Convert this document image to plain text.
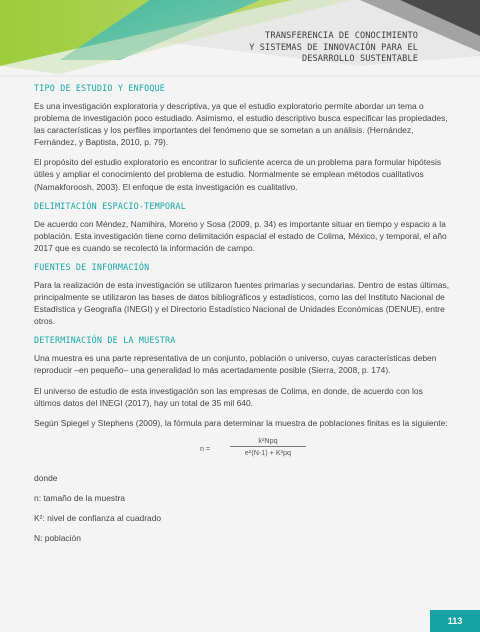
TRANSFERENCIA DE CONOCIMIENTO
Y SISTEMAS DE INNOVACIÓN PARA EL
DESARROLLO SUSTENTABLE
TIPO DE ESTUDIO Y ENFOQUE

Es una investigación exploratoria y descriptiva, ya que el estudio exploratorio permite abordar un tema o problema de investigación poco estudiado. Asimismo, el estudio descriptivo busca especificar las propiedades, las características y los perfiles importantes del fenómeno que se sometan a un análisis. (Hernández, Fernández, y Baptista, 2010, p. 79).

El propósito del estudio exploratorio es encontrar lo suficiente acerca de un problema para formular hipótesis útiles y ampliar el conocimiento del problema de estudio. Normalmente se emplean métodos cualitativos (Namakforoosh, 2003). El enfoque de esta investigación es cualitativo.

DELIMITACIÓN ESPACIO-TEMPORAL

De acuerdo con Méndez, Namihira, Moreno y Sosa (2009, p. 34) es importante situar en tiempo y espacio a la población. Esta investigación tiene como delimitación espacial el estado de Colima, México, y temporal, el año 2017 que es cuando se recolectó la información de campo.

FUENTES DE INFORMACIÓN

Para la realización de esta investigación se utilizaron fuentes primarias y secundarias. Dentro de estas últimas, principalmente se utilizaron las bases de datos bibliográficos y estadísticos, como las del Instituto Nacional de Estadística y Geografía (INEGI) y el Directorio Estadístico Nacional de Unidades Económicas (DENUE), entre otros.

DETERMINACIÓN DE LA MUESTRA

Una muestra es una parte representativa de un conjunto, población o universo, cuyas características deben reproducir –en pequeño– una generalidad lo más acertadamente posible (Sierra, 2008, p. 174).

El universo de estudio de esta investigación son las empresas de Colima, en donde, de acuerdo con los últimos datos del INEGI (2017), hay un total de 35 mil 640.

Según Spiegel y Stephens (2009), la fórmula para determinar la muestra de poblaciones finitas es la siguiente:

n =
k²Npq
e²(N-1) + K²pq

donde

n: tamaño de la muestra

K²: nivel de confianza al cuadrado

N: población

113
